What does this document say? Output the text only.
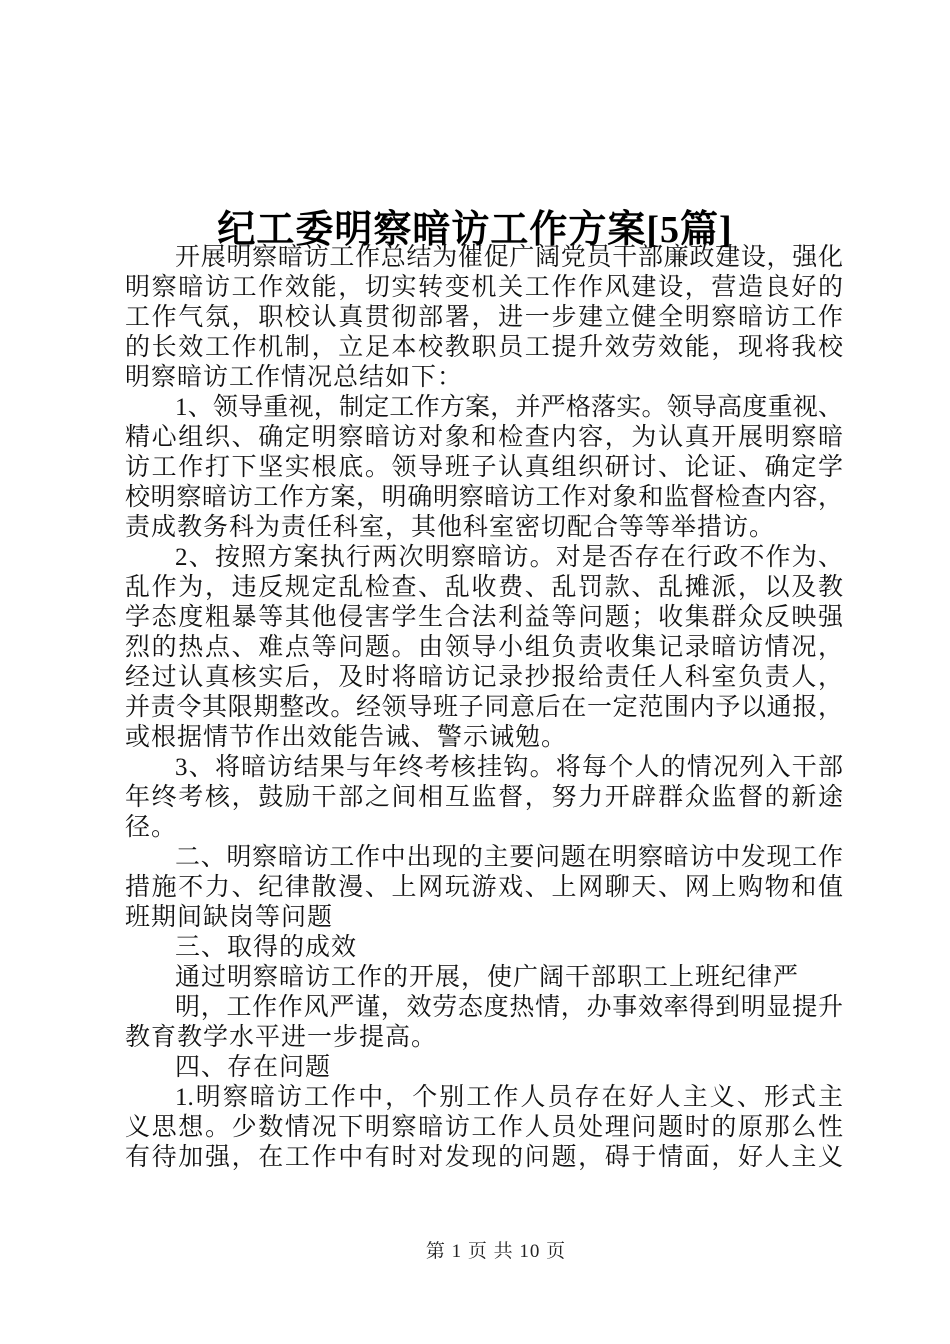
纪工委明察暗访工作方案[5篇]
开展明察暗访工作总结为催促广阔党员干部廉政建设，强化
明察暗访工作效能，切实转变机关工作作风建设，营造良好的
工作气氛，职校认真贯彻部署，进一步建立健全明察暗访工作
的长效工作机制，立足本校教职员工提升效劳效能，现将我校
明察暗访工作情况总结如下：
1、领导重视，制定工作方案，并严格落实。领导高度重视、
精心组织、确定明察暗访对象和检查内容，为认真开展明察暗
访工作打下坚实根底。领导班子认真组织研讨、论证、确定学
校明察暗访工作方案，明确明察暗访工作对象和监督检查内容，
责成教务科为责任科室，其他科室密切配合等等举措访。
2、按照方案执行两次明察暗访。对是否存在行政不作为、
乱作为，违反规定乱检查、乱收费、乱罚款、乱摊派，以及教
学态度粗暴等其他侵害学生合法利益等问题；收集群众反映强
烈的热点、难点等问题。由领导小组负责收集记录暗访情况，
经过认真核实后，及时将暗访记录抄报给责任人科室负责人，
并责令其限期整改。经领导班子同意后在一定范围内予以通报，
或根据情节作出效能告诫、警示诫勉。
3、将暗访结果与年终考核挂钩。将每个人的情况列入干部
年终考核，鼓励干部之间相互监督，努力开辟群众监督的新途
径。
二、明察暗访工作中出现的主要问题在明察暗访中发现工作
措施不力、纪律散漫、上网玩游戏、上网聊天、网上购物和值
班期间缺岗等问题
三、取得的成效
通过明察暗访工作的开展，使广阔干部职工上班纪律严
明，工作作风严谨，效劳态度热情，办事效率得到明显提升
教育教学水平进一步提高。
四、存在问题
1.明察暗访工作中，个别工作人员存在好人主义、形式主
义思想。少数情况下明察暗访工作人员处理问题时的原那么性
有待加强，在工作中有时对发现的问题，碍于情面，好人主义
第 1 页 共 10 页
